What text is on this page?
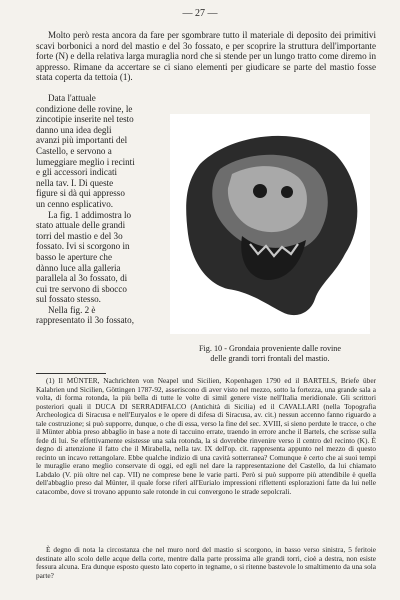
— 27 —

Molto però resta ancora da fare per sgombrare tutto il materiale di deposito dei primitivi scavi borbonici a nord del mastio e del 3o fossato, e per scoprire la struttura dell'importante forte (N) e della relativa larga muraglia nord che si stende per un lungo tratto come diremo in appresso. Rimane da accertare se ci siano elementi per giudicare se parte del mastio fosse stata coperta da tettoia (1).

Data l'attuale condizione delle rovine, le zincotipie inserite nel testo danno una idea degli avanzi più importanti del Castello, e servono a lumeggiare meglio i recinti e gli accessori indicati nella tav. I. Di queste figure si dà qui appresso un cenno esplicativo.

La fig. 1 addimostra lo stato attuale delle grandi torri del mastio e del 3o fossato. Ivi si scorgono in basso le aperture che dànno luce alla galleria parallela al 3o fossato, di cui tre servono di sbocco sul fossato stesso.

Nella fig. 2 è rappresentato il 3o fossato,

Fig. 10 - Grondaia proveniente dalle rovine
delle grandi torri frontali del mastio.

(1) Il MÜNTER, Nachrichten von Neapel und Sicilien, Kopenhagen 1790 ed il BARTELS, Briefe über Kalabrien und Sicilien, Göttingen 1787-92, asseriscono di aver visto nel mezzo, sotto la fortezza, una grande sala a volta, di forma rotonda, la più bella di tutte le volte di simil genere viste nell'Italia meridionale. Gli scrittori posteriori quali il DUCA DI SERRADIFALCO (Antichità di Sicilia) ed il CAVALLARI (nella Topografia Archeologica di Siracusa e nell'Euryalos e le opere di difesa di Siracusa, av. cit.) nessun accenno fanno riguardo a tale costruzione; si può supporre, dunque, o che di essa, verso la fine del sec. XVIII, si sieno perdute le tracce, o che il Münter abbia preso abbaglio in base a note di taccuino errate, traendo in errore anche il Bartels, che scrisse sulla fede di lui. Se effettivamente esistesse una sala rotonda, la si dovrebbe rinvenire verso il centro del recinto (K). È degno di attenzione il fatto che il Mirabella, nella tav. IX dell'op. cit. rappresenta appunto nel mezzo di questo recinto un incavo rettangolare. Ebbe qualche indizio di una cavità sotterranea? Comunque è certo che ai suoi tempi le muraglie erano meglio conservate di oggi, ed egli nel dare la rappresentazione del Castello, da lui chiamato Labdalo (V. più oltre nel cap. VII) ne comprese bene le varie parti. Però si può supporre più attendibile è quella dell'abbaglio preso dal Münter, il quale forse riferì all'Eurialo impressioni riflettenti esplorazioni fatte da lui nelle catacombe, dove si trovano appunto sale rotonde in cui convergono le strade sepolcrali.

È degno di nota la circostanza che nel muro nord del mastio si scorgono, in basso verso sinistra, 5 feritoie destinate allo scolo delle acque della corte, mentre dalla parte prossima alle grandi torri, cioè a destra, non esiste fessura alcuna. Era dunque esposto questo lato coperto in tegname, o si ritenne bastevole lo smaltimento da una sola parte?
